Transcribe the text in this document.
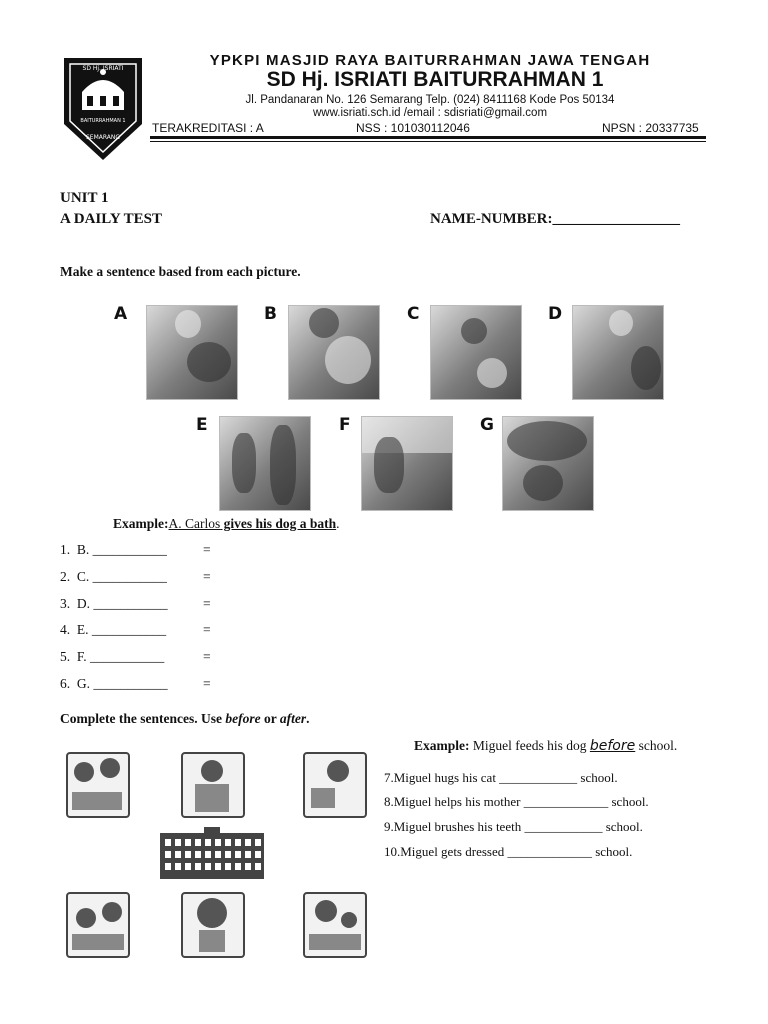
SD Hj. ISRIATI
BAITURRAHMAN 1
SEMARANG
YPKPI MASJID RAYA BAITURRAHMAN JAWA TENGAH
SD Hj. ISRIATI BAITURRAHMAN 1
Jl. Pandanaran No. 126 Semarang Telp. (024) 8411168 Kode Pos 50134
www.isriati.sch.id /email : sdisriati@gmail.com
TERAKREDITASI : A	NSS : 101030112046	NPSN : 20337735
UNIT 1
A DAILY TEST	NAME-NUMBER:_________________
Make a sentence based from each picture.
A	B	C	D
E	F	G
Example:A. Carlos gives his dog a bath.
1. B. ___________	=
2. C. ___________	=
3. D. ___________	=
4. E. ___________	=
5. F. ___________	=
6. G. ___________	=
Complete the sentences. Use before or after.
Example: Miguel feeds his dog before school.
7.Miguel hugs his cat ____________ school.
8.Miguel helps his mother _____________ school.
9.Miguel brushes his teeth ____________ school.
10.Miguel gets dressed _____________ school.
